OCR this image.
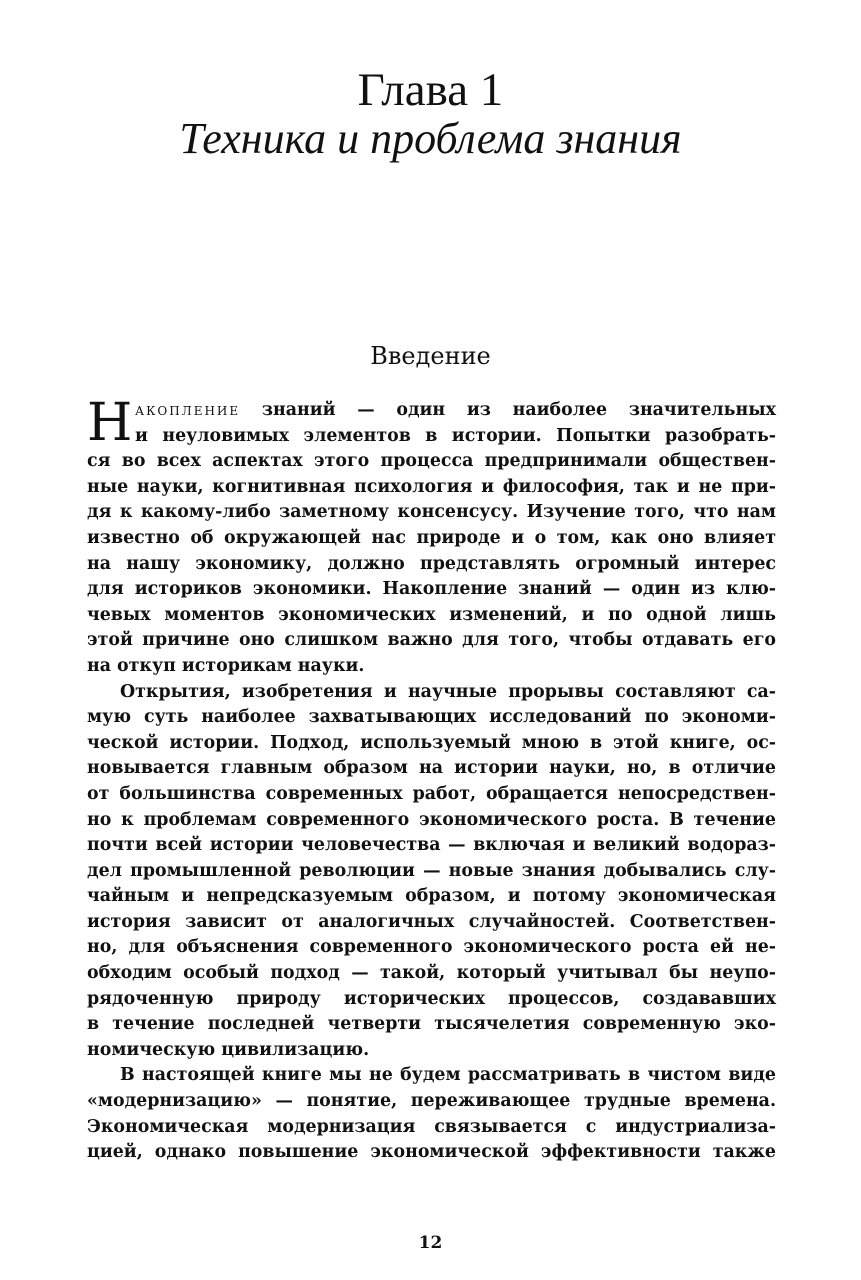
Глава 1
Техника и проблема знания
Введение
Н акопление знаний — один из наиболее значительных
и неуловимых элементов в истории. Попытки разобрать-
ся во всех аспектах этого процесса предпринимали обществен-
ные науки, когнитивная психология и философия, так и не при-
дя к какому-либо заметному консенсусу. Изучение того, что нам
известно об окружающей нас природе и о том, как оно влияет
на нашу экономику, должно представлять огромный интерес
для историков экономики. Накопление знаний — один из клю-
чевых моментов экономических изменений, и по одной лишь
этой причине оно слишком важно для того, чтобы отдавать его
на откуп историкам науки.
Открытия, изобретения и научные прорывы составляют са-
мую суть наиболее захватывающих исследований по экономи-
ческой истории. Подход, используемый мною в этой книге, ос-
новывается главным образом на истории науки, но, в отличие
от большинства современных работ, обращается непосредствен-
но к проблемам современного экономического роста. В течение
почти всей истории человечества — включая и великий водораз-
дел промышленной революции — новые знания добывались слу-
чайным и непредсказуемым образом, и потому экономическая
история зависит от аналогичных случайностей. Соответствен-
но, для объяснения современного экономического роста ей не-
обходим особый подход — такой, который учитывал бы неупо-
рядоченную природу исторических процессов, создававших
в течение последней четверти тысячелетия современную эко-
номическую цивилизацию.
В настоящей книге мы не будем рассматривать в чистом виде
«модернизацию» — понятие, переживающее трудные времена.
Экономическая модернизация связывается с индустриализа-
цией, однако повышение экономической эффективности также
12
